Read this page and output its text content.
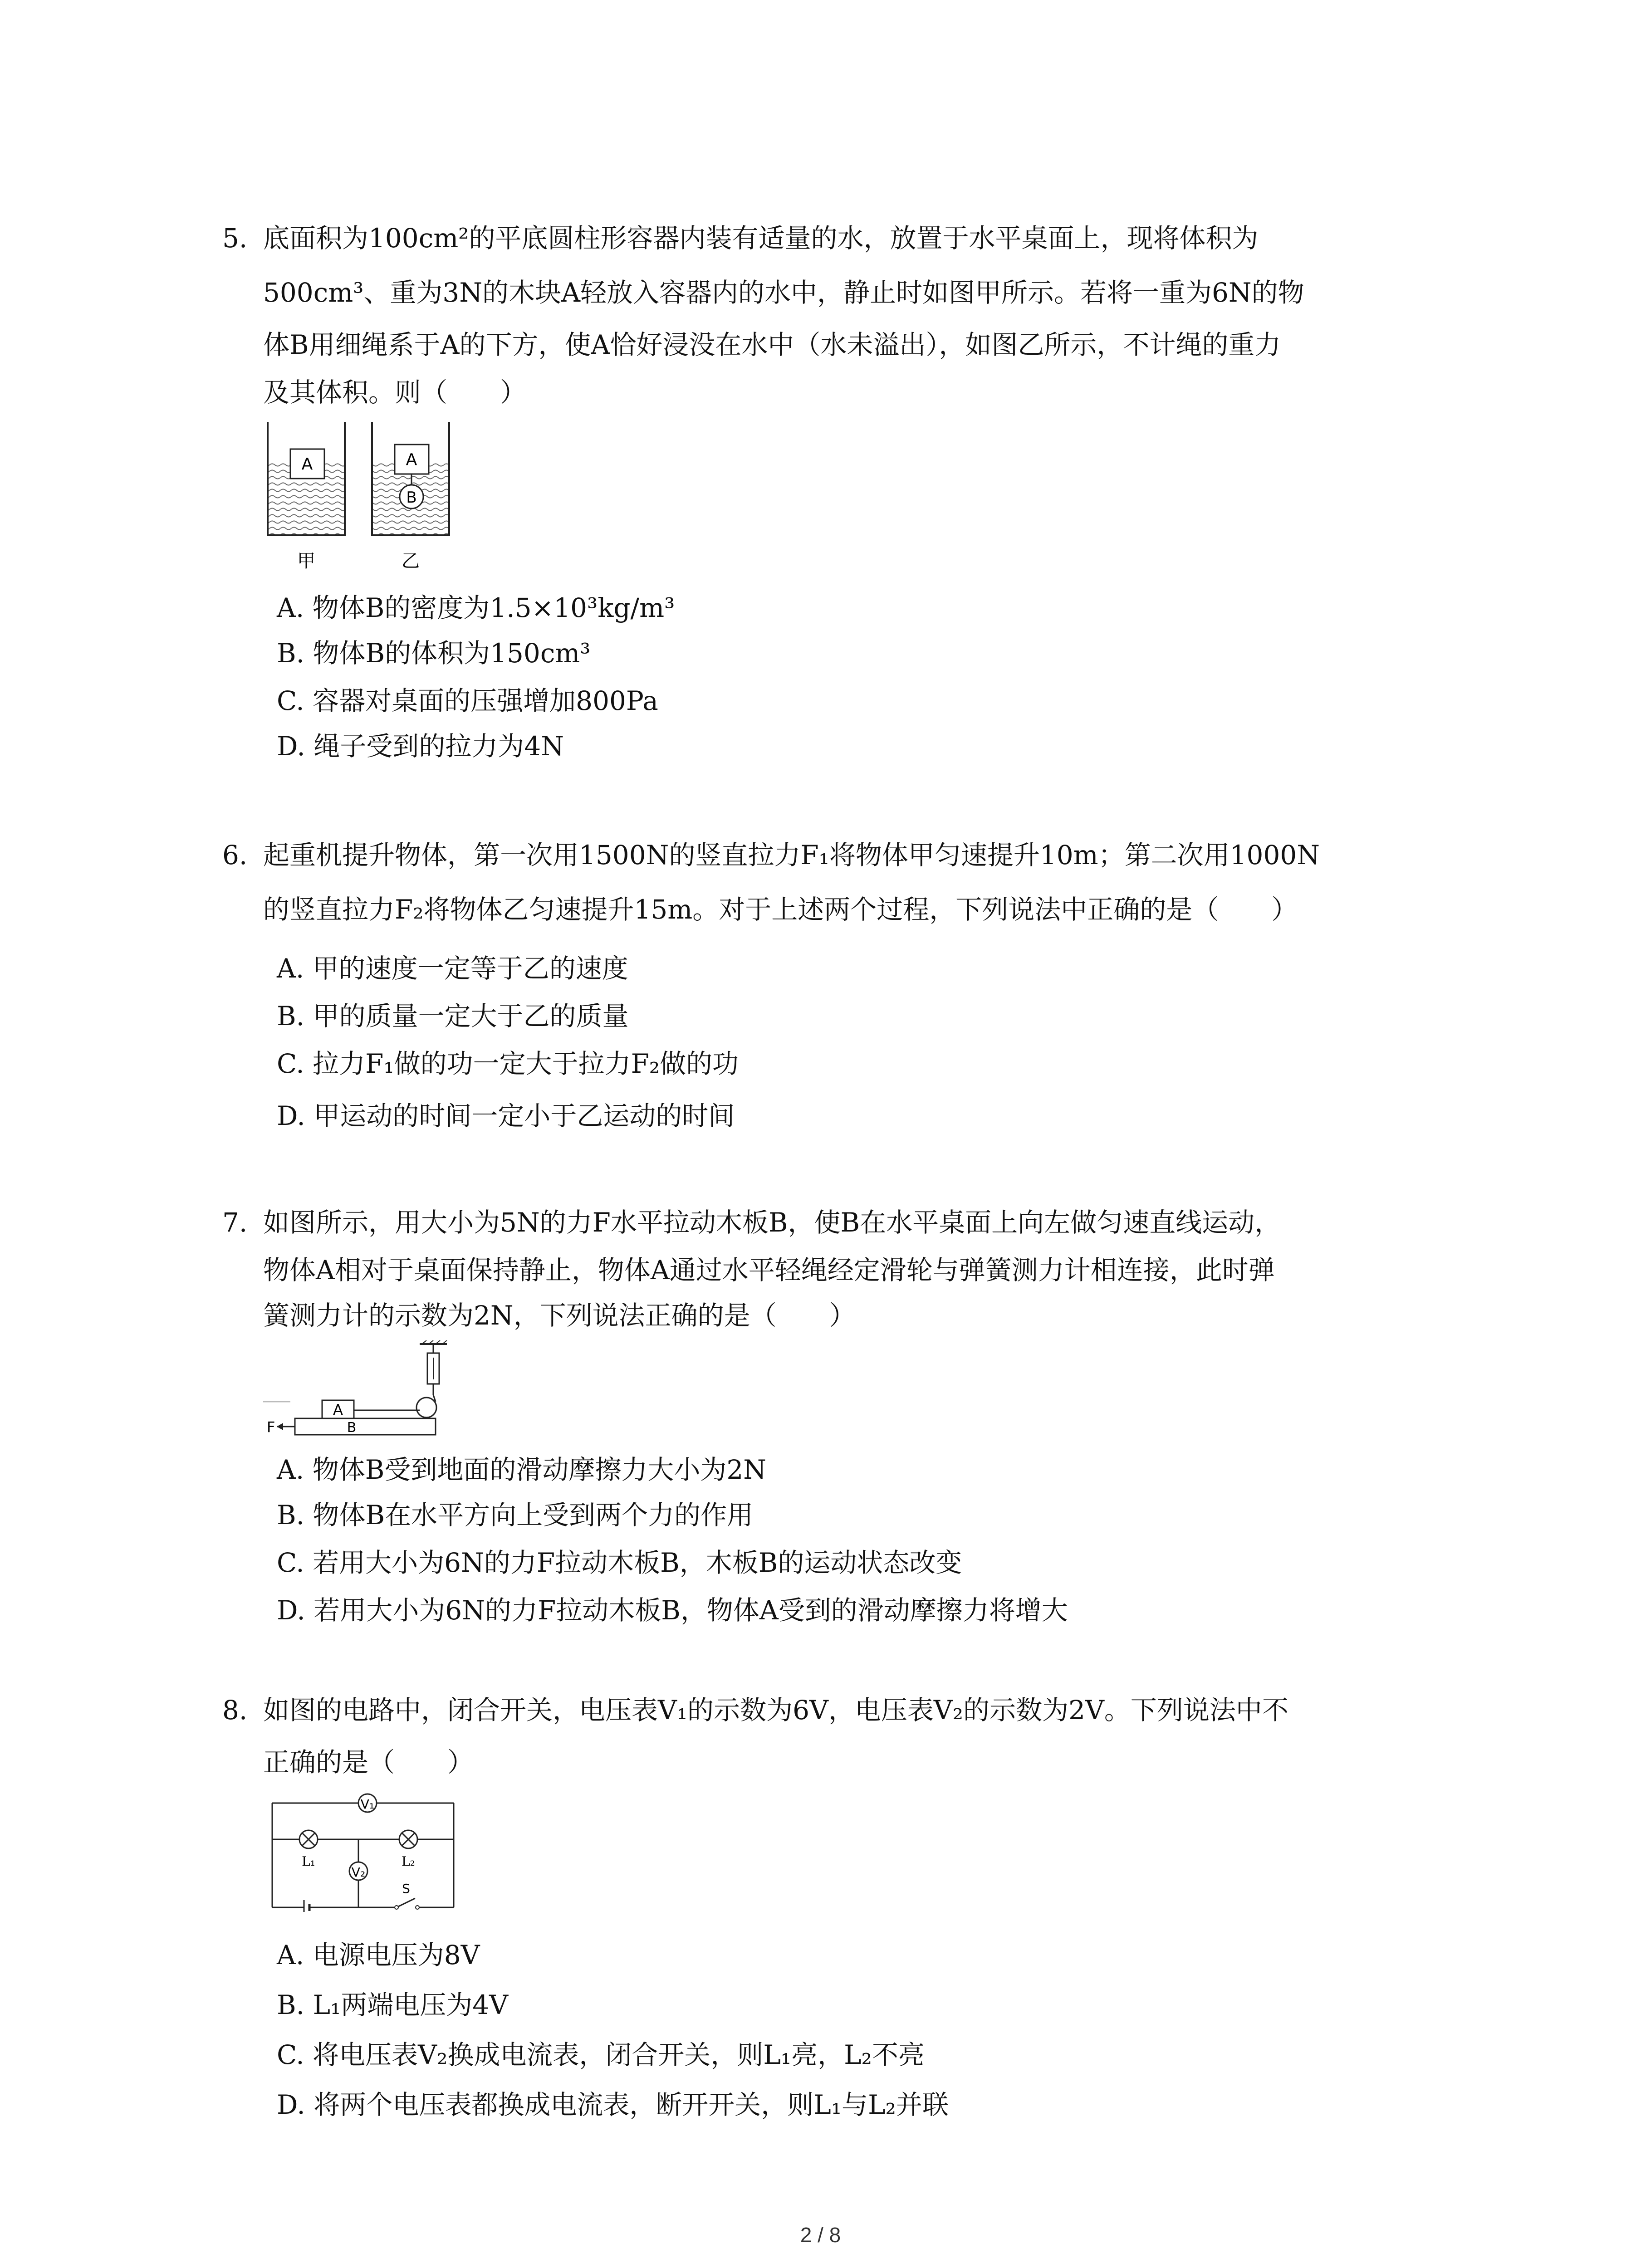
5. 底面积为100cm²的平底圆柱形容器内装有适量的水，放置于水平桌面上，现将体积为
500cm³、重为3N的木块A轻放入容器内的水中，静止时如图甲所示。若将一重为6N的物
体B用细绳系于A的下方，使A恰好浸没在水中（水未溢出），如图乙所示，不计绳的重力
及其体积。则（　　）
A	A
B
甲	乙
A. 物体B的密度为1.5×10³kg/m³
B. 物体B的体积为150cm³
C. 容器对桌面的压强增加800Pa
D. 绳子受到的拉力为4N
6. 起重机提升物体，第一次用1500N的竖直拉力F₁将物体甲匀速提升10m；第二次用1000N
的竖直拉力F₂将物体乙匀速提升15m。对于上述两个过程，下列说法中正确的是（　　）
A. 甲的速度一定等于乙的速度
B. 甲的质量一定大于乙的质量
C. 拉力F₁做的功一定大于拉力F₂做的功
D. 甲运动的时间一定小于乙运动的时间
7. 如图所示，用大小为5N的力F水平拉动木板B，使B在水平桌面上向左做匀速直线运动，
物体A相对于桌面保持静止，物体A通过水平轻绳经定滑轮与弹簧测力计相连接，此时弹
簧测力计的示数为2N，下列说法正确的是（　　）
A
B
F
A. 物体B受到地面的滑动摩擦力大小为2N
B. 物体B在水平方向上受到两个力的作用
C. 若用大小为6N的力F拉动木板B，木板B的运动状态改变
D. 若用大小为6N的力F拉动木板B，物体A受到的滑动摩擦力将增大
8. 如图的电路中，闭合开关，电压表V₁的示数为6V，电压表V₂的示数为2V。下列说法中不
正确的是（　　）
V₁
L₁	L₂
V₂
S
A. 电源电压为8V
B. L₁两端电压为4V
C. 将电压表V₂换成电流表，闭合开关，则L₁亮，L₂不亮
D. 将两个电压表都换成电流表，断开开关，则L₁与L₂并联
2 / 8
